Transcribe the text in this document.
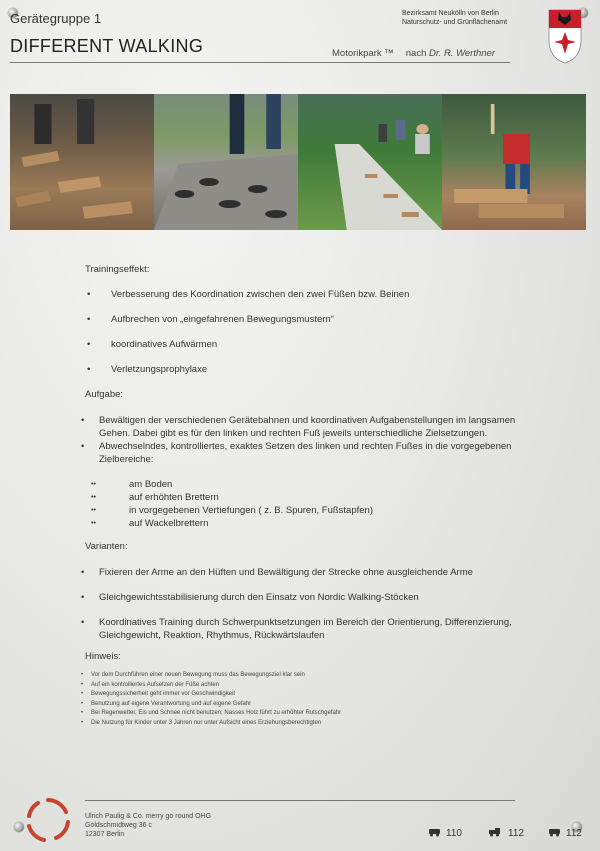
Gerätegruppe 1
DIFFERENT WALKING	Motorikpark ™ nach Dr. R. Werthner
Bezirksamt Neukölln von Berlin
Naturschutz- und Grünflächenamt

Trainingseffekt:

• Verbesserung des Koordination zwischen den zwei Füßen bzw. Beinen
• Aufbrechen von „eingefahrenen Bewegungsmustern“
• koordinatives Aufwärmen
• Verletzungsprophylaxe

Aufgabe:

• Bewältigen der verschiedenen Gerätebahnen und koordinativen Aufgabenstellungen im langsamen Gehen. Dabei gibt es für den linken und rechten Fuß jeweils unterschiedliche Zielsetzungen.
• Abwechselndes, kontrolliertes, exaktes Setzen des linken und rechten Fußes in die vorgegebenen Zielbereiche:
•• am Boden
•• auf erhöhten Brettern
•• in vorgegebenen Vertiefungen ( z. B. Spuren, Fußstapfen)
•• auf Wackelbrettern

Varianten:

• Fixieren der Arme an den Hüften und Bewältigung der Strecke ohne ausgleichende Arme
• Gleichgewichtsstabilisierung durch den Einsatz von Nordic Walking-Stöcken
• Koordinatives Training durch Schwerpunktsetzungen im Bereich der Orientierung, Differenzierung, Gleichgewicht, Reaktion, Rhythmus, Rückwärtslaufen

Hinweis:

• Vor dem Durchführen einer neuen Bewegung muss das Bewegungsziel klar sein
• Auf ein kontrolliertes Aufsetzen der Füße achten
• Bewegungssicherheit geht immer vor Geschwindigkeit
• Benutzung auf eigene Verantwortung und auf eigene Gefahr
• Bei Regenwetter, Eis und Schnee nicht benutzen; Nasses Holz führt zu erhöhter Rutschgefahr
• Die Nutzung für Kinder unter 3 Jahren nur unter Aufsicht eines Erziehungsberechtigten
Ulrich Paulig & Co. merry go round OHG
Goldschmidtweg 36 c
12307 Berlin	110	112	112
